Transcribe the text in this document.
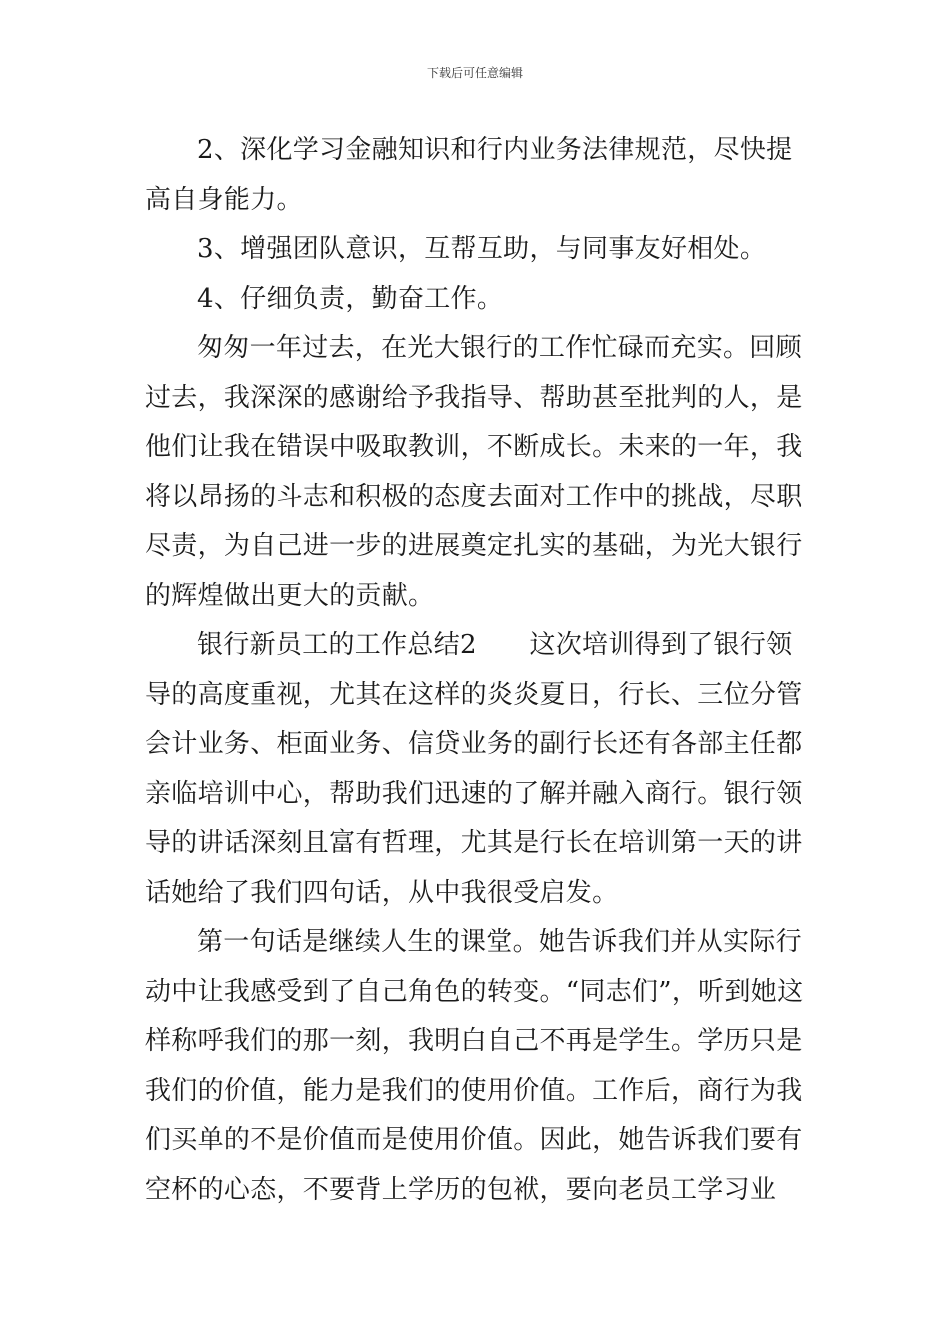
下载后可任意编辑

2、深化学习金融知识和行内业务法律规范，尽快提高自身能力。

3、增强团队意识，互帮互助，与同事友好相处。

4、仔细负责，勤奋工作。

匆匆一年过去，在光大银行的工作忙碌而充实。回顾过去，我深深的感谢给予我指导、帮助甚至批判的人，是他们让我在错误中吸取教训，不断成长。未来的一年，我将以昂扬的斗志和积极的态度去面对工作中的挑战，尽职尽责，为自己进一步的进展奠定扎实的基础，为光大银行的辉煌做出更大的贡献。

银行新员工的工作总结2　　这次培训得到了银行领导的高度重视，尤其在这样的炎炎夏日，行长、三位分管会计业务、柜面业务、信贷业务的副行长还有各部主任都亲临培训中心，帮助我们迅速的了解并融入商行。银行领导的讲话深刻且富有哲理，尤其是行长在培训第一天的讲话她给了我们四句话，从中我很受启发。

第一句话是继续人生的课堂。她告诉我们并从实际行动中让我感受到了自己角色的转变。“同志们”，听到她这样称呼我们的那一刻，我明白自己不再是学生。学历只是我们的价值，能力是我们的使用价值。工作后，商行为我们买单的不是价值而是使用价值。因此，她告诉我们要有空杯的心态，不要背上学历的包袱，要向老员工学习业
